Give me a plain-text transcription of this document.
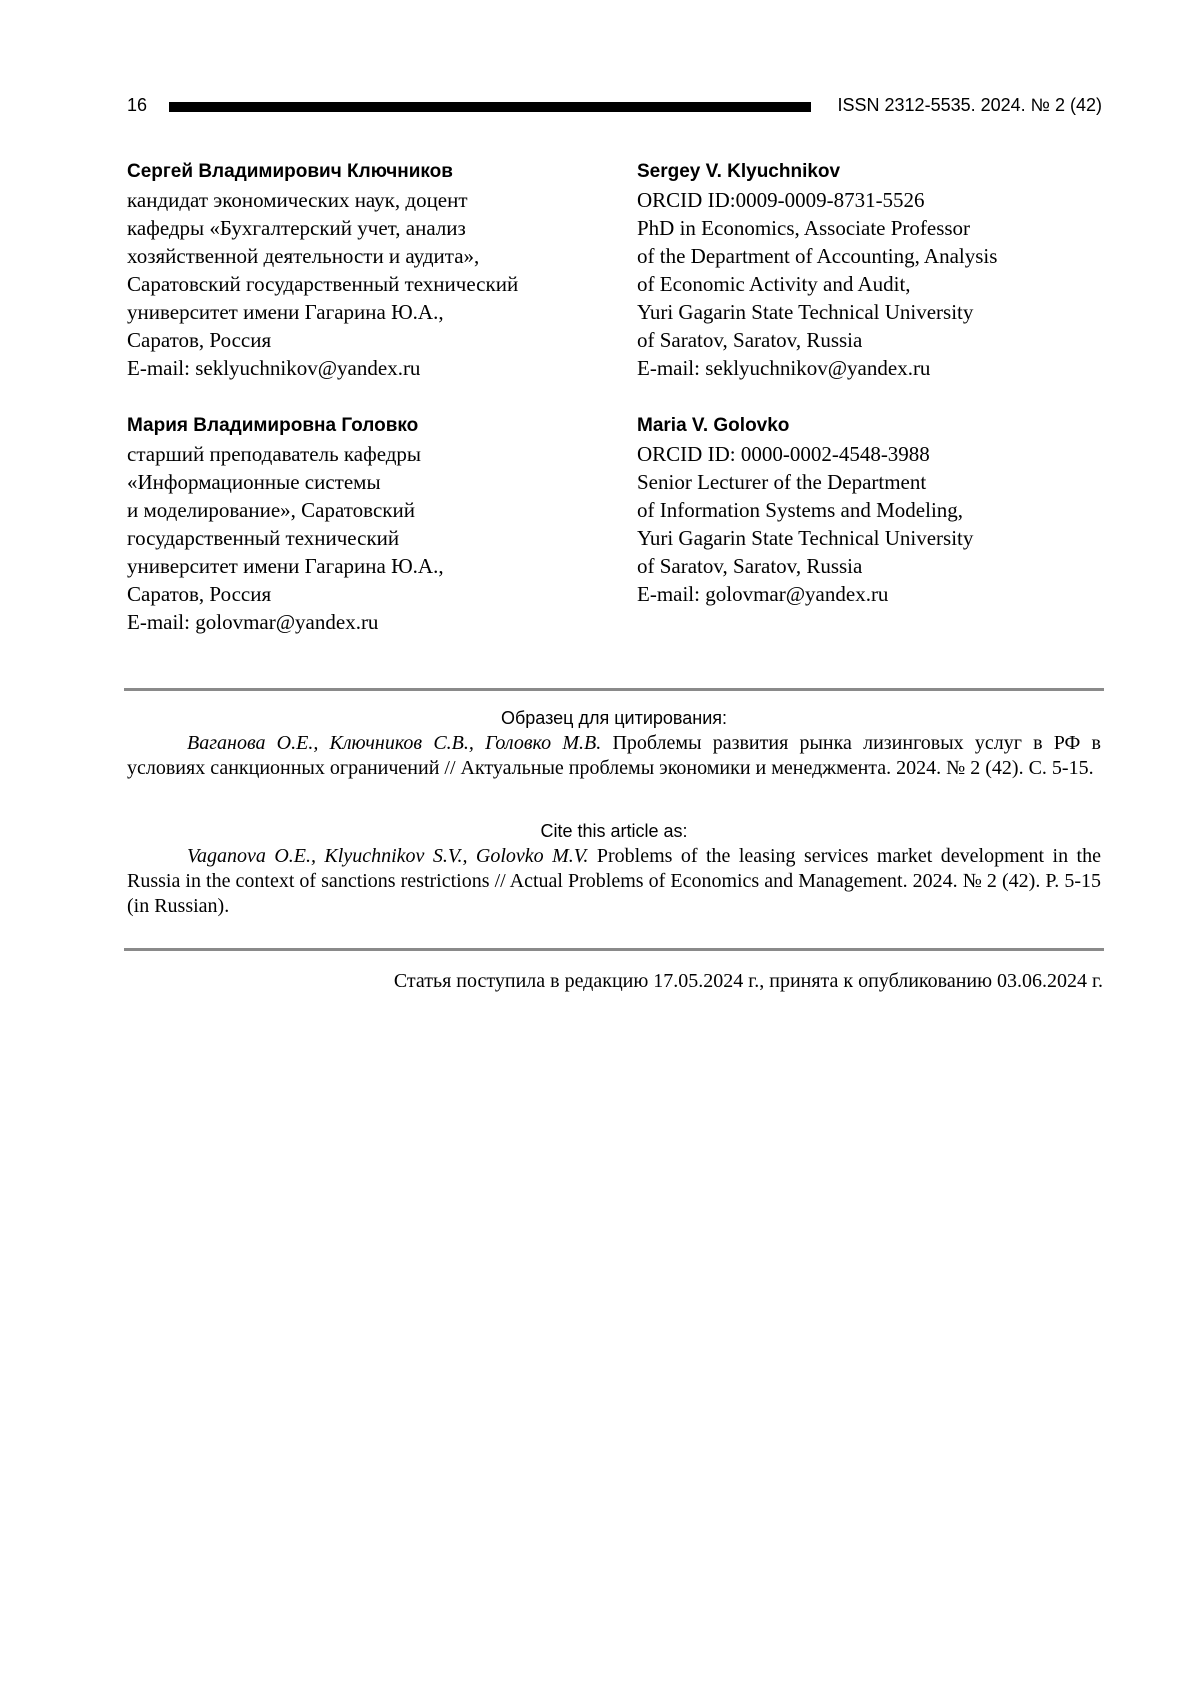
16	ISSN 2312-5535. 2024. № 2 (42)
Сергей Владимирович Ключников
кандидат экономических наук, доцент
кафедры «Бухгалтерский учет, анализ
хозяйственной деятельности и аудита»,
Саратовский государственный технический
университет имени Гагарина Ю.А.,
Саратов, Россия
E-mail: seklyuchnikov@yandex.ru
Мария Владимировна Головко
старший преподаватель кафедры
«Информационные системы
и моделирование», Саратовский
государственный технический
университет имени Гагарина Ю.А.,
Саратов, Россия
E-mail: golovmar@yandex.ru
Sergey V. Klyuchnikov
ORCID ID:0009-0009-8731-5526
PhD in Economics, Associate Professor
of the Department of Accounting, Analysis
of Economic Activity and Audit,
Yuri Gagarin State Technical University
of Saratov, Saratov, Russia
E-mail: seklyuchnikov@yandex.ru
Maria V. Golovko
ORCID ID: 0000-0002-4548-3988
Senior Lecturer of the Department
of Information Systems and Modeling,
Yuri Gagarin State Technical University
of Saratov, Saratov, Russia
E-mail: golovmar@yandex.ru
Образец для цитирования:

Ваганова О.Е., Ключников С.В., Головко М.В. Проблемы развития рынка лизинговых услуг в РФ в условиях санкционных ограничений // Актуальные проблемы экономики и менеджмента. 2024. № 2 (42). С. 5-15.

Cite this article as:

Vaganova O.E., Klyuchnikov S.V., Golovko M.V. Problems of the leasing services market development in the Russia in the context of sanctions restrictions // Actual Problems of Economics and Management. 2024. № 2 (42). P. 5-15 (in Russian).

Статья поступила в редакцию 17.05.2024 г., принята к опубликованию 03.06.2024 г.
